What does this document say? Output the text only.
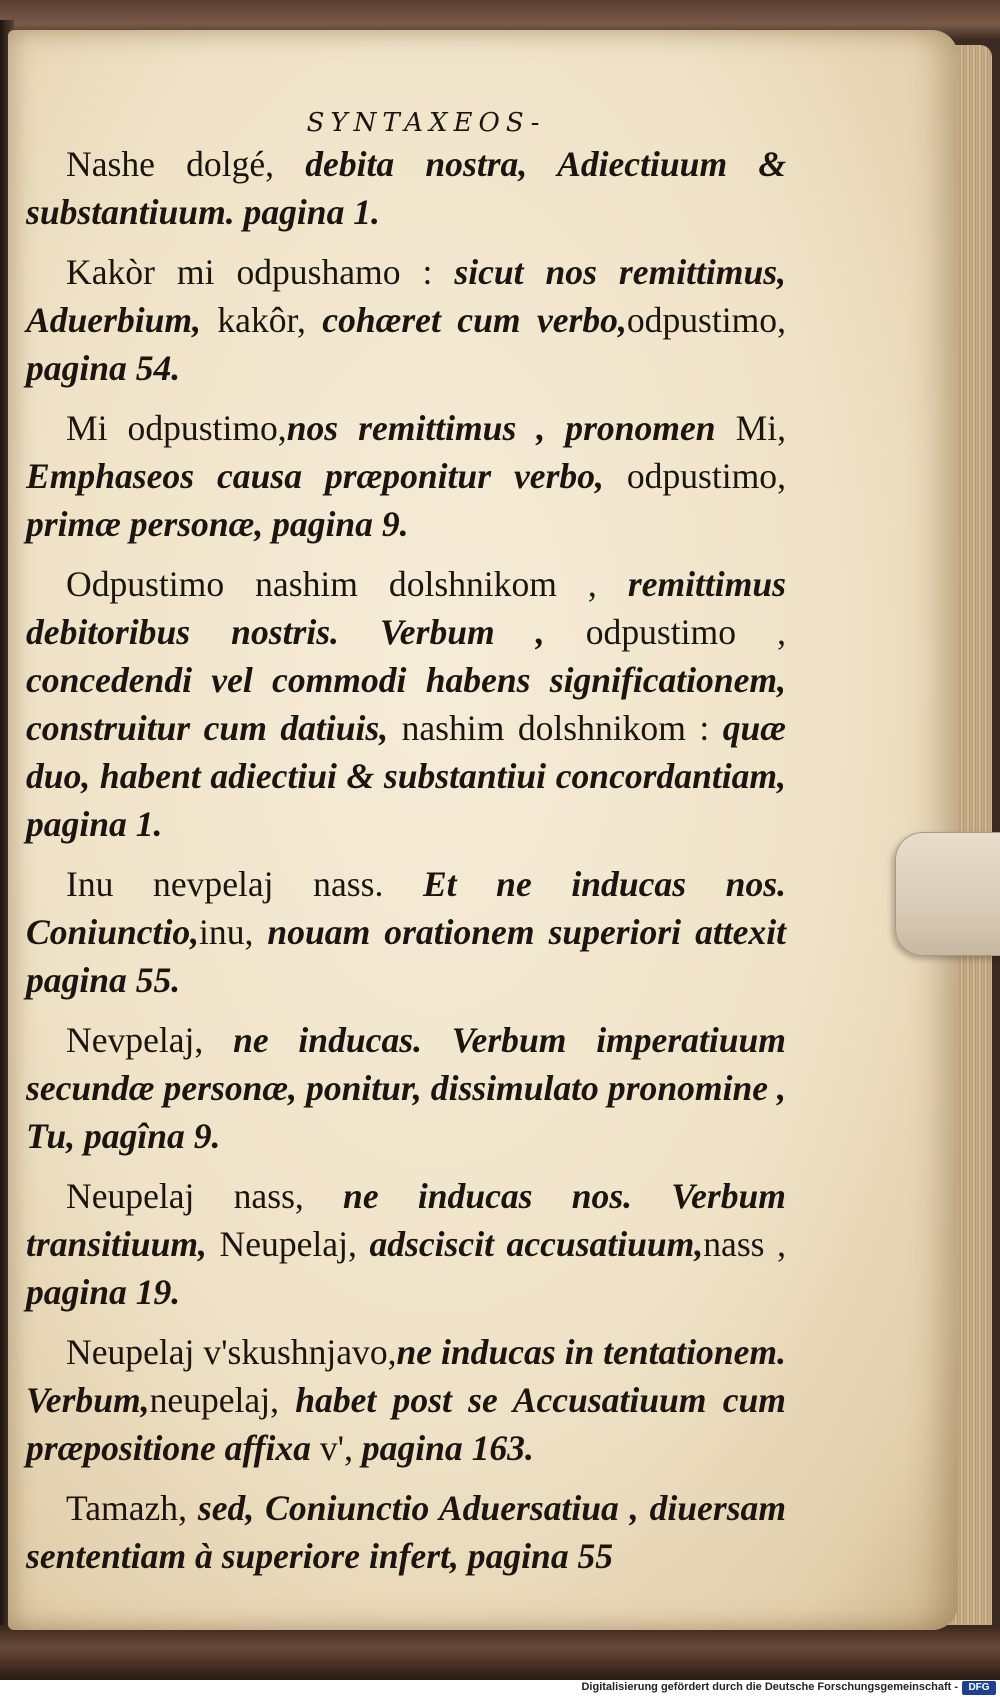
SYNTAXEOS-

Nashe dolgé, debita nostra, Adiectiuum & substantiuum. pagina 1.

Kakòr mi odpushamo : sicut nos remittimus, Aduerbium, kakôr, cohæret cum verbo,odpustimo, pagina 54.

Mi odpustimo,nos remittimus , pronomen Mi, Emphaseos causa præponitur verbo, odpustimo, primæ personæ, pagina 9.

Odpustimo nashim dolshnikom , remittimus debitoribus nostris. Verbum , odpustimo , concedendi vel commodi habens significationem, construitur cum datiuis, nashim dolshnikom : quæ duo, habent adiectiui & substantiui concordantiam, pagina 1.

Inu nevpelaj nass. Et ne inducas nos. Coniunctio,inu, nouam orationem superiori attexit pagina 55.

Nevpelaj, ne inducas. Verbum imperatiuum secundæ personæ, ponitur, dissimulato pronomine , Tu, pagîna 9.

Neupelaj nass, ne inducas nos. Verbum transitiuum, Neupelaj, adsciscit accusatiuum,nass , pagina 19.

Neupelaj v'skushnjavo,ne inducas in tentationem. Verbum,neupelaj, habet post se Accusatiuum cum præpositione affixa v', pagina 163.

Tamazh, sed, Coniunctio Aduersatiua , diuersam sententiam à superiore infert, pagina 55

Digitalisierung gefördert durch die Deutsche Forschungsgemeinschaft -	DFG
